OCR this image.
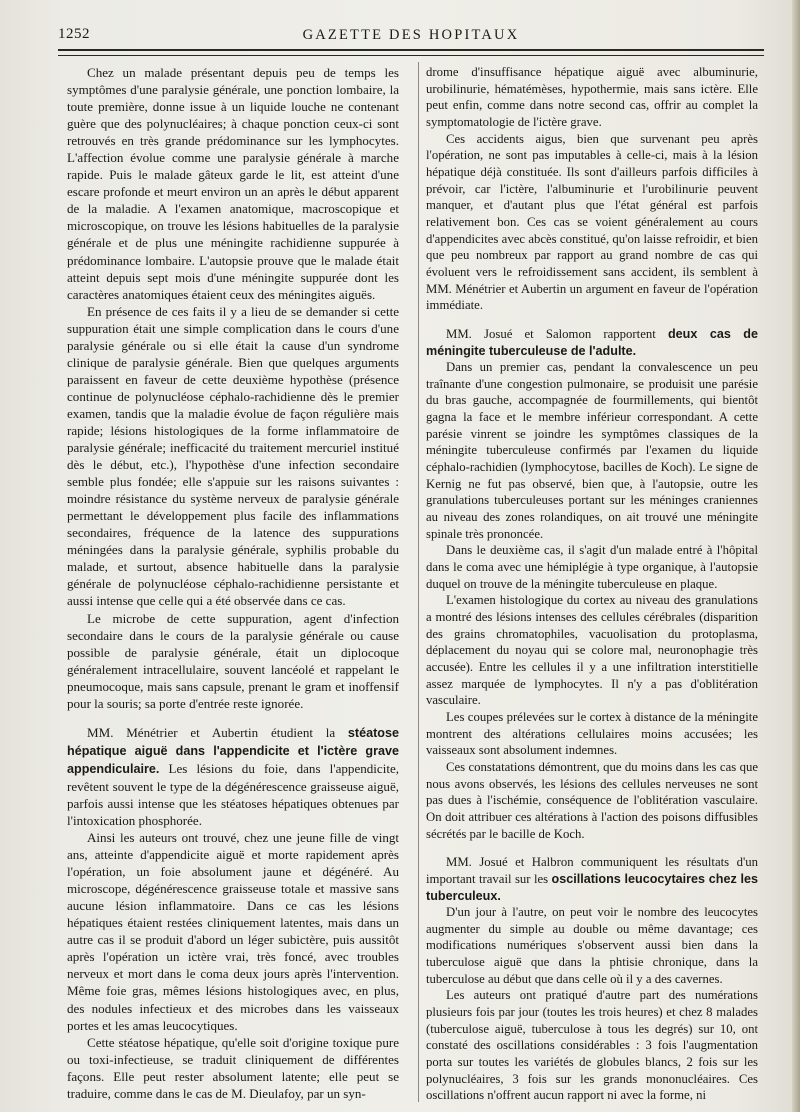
1252	GAZETTE DES HOPITAUX

Chez un malade présentant depuis peu de temps les symptômes d'une paralysie générale, une ponction lombaire, la toute première, donne issue à un liquide louche ne contenant guère que des polynucléaires; à chaque ponction ceux-ci sont retrouvés en très grande prédominance sur les lymphocytes. L'affection évolue comme une paralysie générale à marche rapide. Puis le malade gâteux garde le lit, est atteint d'une escare profonde et meurt environ un an après le début apparent de la maladie. A l'examen anatomique, macroscopique et microscopique, on trouve les lésions habituelles de la paralysie générale et de plus une méningite rachidienne suppurée à prédominance lombaire. L'autopsie prouve que le malade était atteint depuis sept mois d'une méningite suppurée dont les caractères anatomiques étaient ceux des méningites aiguës.

En présence de ces faits il y a lieu de se demander si cette suppuration était une simple complication dans le cours d'une paralysie générale ou si elle était la cause d'un syndrome clinique de paralysie générale. Bien que quelques arguments paraissent en faveur de cette deuxième hypothèse (présence continue de polynucléose céphalo-rachidienne dès le premier examen, tandis que la maladie évolue de façon régulière mais rapide; lésions histologiques de la forme inflammatoire de paralysie générale; inefficacité du traitement mercuriel institué dès le début, etc.), l'hypothèse d'une infection secondaire semble plus fondée; elle s'appuie sur les raisons suivantes : moindre résistance du système nerveux de paralysie générale permettant le développement plus facile des inflammations secondaires, fréquence de la latence des suppurations méningées dans la paralysie générale, syphilis probable du malade, et surtout, absence habituelle dans la paralysie générale de polynucléose céphalo-rachidienne persistante et aussi intense que celle qui a été observée dans ce cas.

Le microbe de cette suppuration, agent d'infection secondaire dans le cours de la paralysie générale ou cause possible de paralysie générale, était un diplocoque généralement intracellulaire, souvent lancéolé et rappelant le pneumocoque, mais sans capsule, prenant le gram et inoffensif pour la souris; sa porte d'entrée reste ignorée.

MM. Ménétrier et Aubertin étudient la stéatose hépatique aiguë dans l'appendicite et l'ictère grave appendiculaire. Les lésions du foie, dans l'appendicite, revêtent souvent le type de la dégénérescence graisseuse aiguë, parfois aussi intense que les stéatoses hépatiques obtenues par l'intoxication phosphorée.

Ainsi les auteurs ont trouvé, chez une jeune fille de vingt ans, atteinte d'appendicite aiguë et morte rapidement après l'opération, un foie absolument jaune et dégénéré. Au microscope, dégénérescence graisseuse totale et massive sans aucune lésion inflammatoire. Dans ce cas les lésions hépatiques étaient restées cliniquement latentes, mais dans un autre cas il se produit d'abord un léger subictère, puis aussitôt après l'opération un ictère vrai, très foncé, avec troubles nerveux et mort dans le coma deux jours après l'intervention. Même foie gras, mêmes lésions histologiques avec, en plus, des nodules infectieux et des microbes dans les vaisseaux portes et les amas leucocytiques.

Cette stéatose hépatique, qu'elle soit d'origine toxique pure ou toxi-infectieuse, se traduit cliniquement de différentes façons. Elle peut rester absolument latente; elle peut se traduire, comme dans le cas de M. Dieulafoy, par un syn-

drome d'insuffisance hépatique aiguë avec albuminurie, urobilinurie, hématémèses, hypothermie, mais sans ictère. Elle peut enfin, comme dans notre second cas, offrir au complet la symptomatologie de l'ictère grave.

Ces accidents aigus, bien que survenant peu après l'opération, ne sont pas imputables à celle-ci, mais à la lésion hépatique déjà constituée. Ils sont d'ailleurs parfois difficiles à prévoir, car l'ictère, l'albuminurie et l'urobilinurie peuvent manquer, et d'autant plus que l'état général est parfois relativement bon. Ces cas se voient généralement au cours d'appendicites avec abcès constitué, qu'on laisse refroidir, et bien que peu nombreux par rapport au grand nombre de cas qui évoluent vers le refroidissement sans accident, ils semblent à MM. Ménétrier et Aubertin un argument en faveur de l'opération immédiate.

MM. Josué et Salomon rapportent deux cas de méningite tuberculeuse de l'adulte.

Dans un premier cas, pendant la convalescence un peu traînante d'une congestion pulmonaire, se produisit une parésie du bras gauche, accompagnée de fourmillements, qui bientôt gagna la face et le membre inférieur correspondant. A cette parésie vinrent se joindre les symptômes classiques de la méningite tuberculeuse confirmés par l'examen du liquide céphalo-rachidien (lymphocytose, bacilles de Koch). Le signe de Kernig ne fut pas observé, bien que, à l'autopsie, outre les granulations tuberculeuses portant sur les méninges craniennes au niveau des zones rolandiques, on ait trouvé une méningite spinale très prononcée.

Dans le deuxième cas, il s'agit d'un malade entré à l'hôpital dans le coma avec une hémiplégie à type organique, à l'autopsie duquel on trouve de la méningite tuberculeuse en plaque.

L'examen histologique du cortex au niveau des granulations a montré des lésions intenses des cellules cérébrales (disparition des grains chromatophiles, vacuolisation du protoplasma, déplacement du noyau qui se colore mal, neuronophagie très accusée). Entre les cellules il y a une infiltration interstitielle assez marquée de lymphocytes. Il n'y a pas d'oblitération vasculaire.

Les coupes prélevées sur le cortex à distance de la méningite montrent des altérations cellulaires moins accusées; les vaisseaux sont absolument indemnes.

Ces constatations démontrent, que du moins dans les cas que nous avons observés, les lésions des cellules nerveuses ne sont pas dues à l'ischémie, conséquence de l'oblitération vasculaire. On doit attribuer ces altérations à l'action des poisons diffusibles sécrétés par le bacille de Koch.

MM. Josué et Halbron communiquent les résultats d'un important travail sur les oscillations leucocytaires chez les tuberculeux.

D'un jour à l'autre, on peut voir le nombre des leucocytes augmenter du simple au double ou même davantage; ces modifications numériques s'observent aussi bien dans la tuberculose aiguë que dans la phtisie chronique, dans la tuberculose au début que dans celle où il y a des cavernes.

Les auteurs ont pratiqué d'autre part des numérations plusieurs fois par jour (toutes les trois heures) et chez 8 malades (tuberculose aiguë, tuberculose à tous les degrés) sur 10, ont constaté des oscillations considérables : 3 fois l'augmentation porta sur toutes les variétés de globules blancs, 2 fois sur les polynucléaires, 3 fois sur les grands mononucléaires. Ces oscillations n'offrent aucun rapport ni avec la forme, ni
